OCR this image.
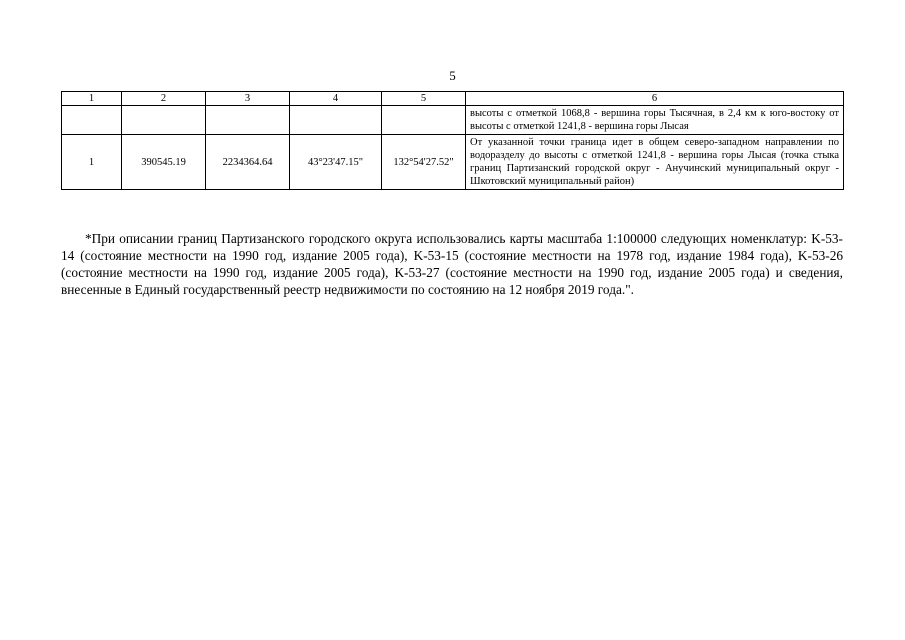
5
1	2	3	4	5	6
					высоты с отметкой 1068,8 - вершина горы Тысячная, в 2,4 км к юго-востоку от высоты с отметкой 1241,8 - вершина горы Лысая
1	390545.19	2234364.64	43°23'47.15"	132°54'27.52"	От указанной точки граница идет в общем северо-западном направлении по водоразделу до высоты с отметкой 1241,8 - вершина горы Лысая (точка стыка границ Партизанский городской округ - Анучинский муниципальный округ - Шкотовский муниципальный район)

*При описании границ Партизанского городского округа использовались карты масштаба 1:100000 следующих номенклатур: K-53-14 (состояние местности на 1990 год, издание 2005 года), K-53-15 (состояние местности на 1978 год, издание 1984 года), K-53-26 (состояние местности на 1990 год, издание 2005 года), K-53-27 (состояние местности на 1990 год, издание 2005 года) и сведения, внесенные в Единый государственный реестр недвижимости по состоянию на 12 ноября 2019 года.".
